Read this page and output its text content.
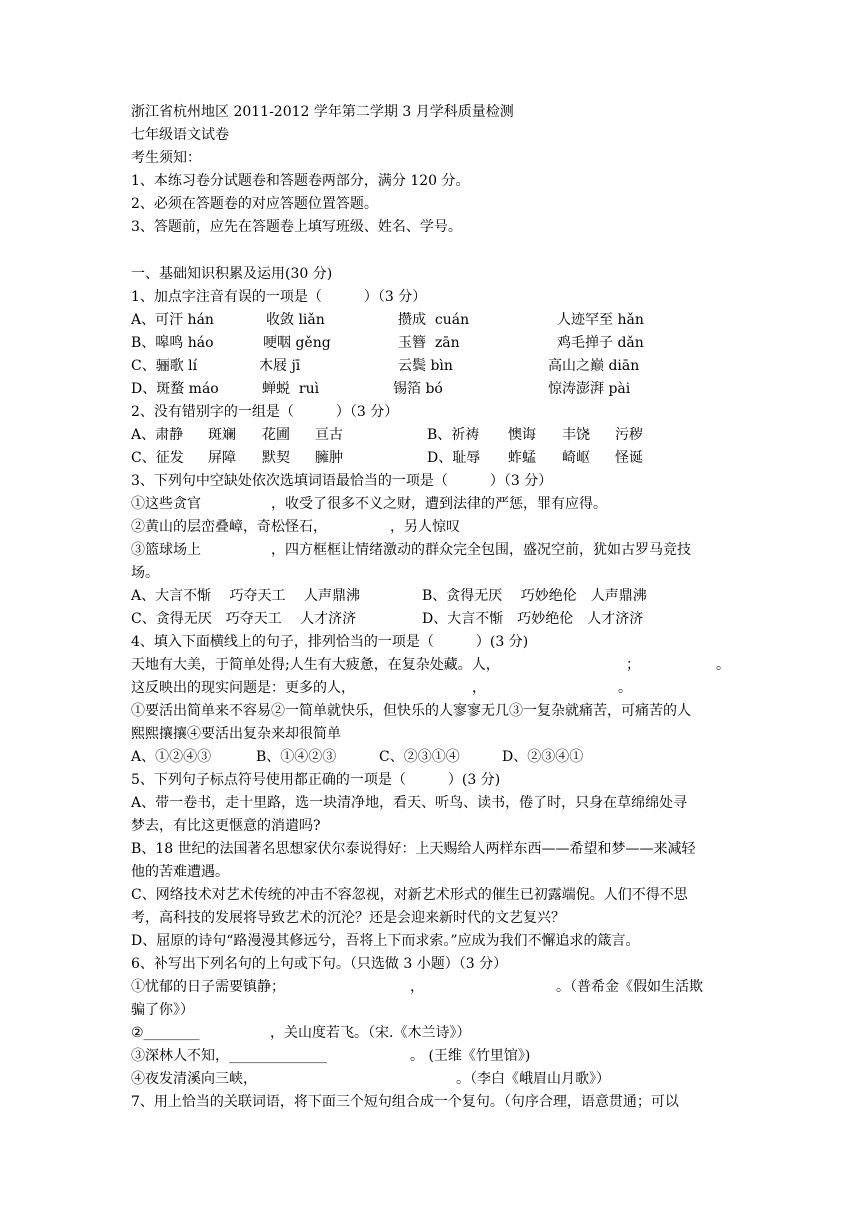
浙江省杭州地区 2011-2012 学年第二学期 3 月学科质量检测
七年级语文试卷
考生须知：
1、本练习卷分试题卷和答题卷两部分，满分 120 分。
2、必须在答题卷的对应答题位置答题。
3、答题前，应先在答题卷上填写班级、姓名、学号。
一、基础知识积累及运用(30 分)
1、加点字注音有误的一项是（　　　）（3 分）
A、可汗 hán	收敛 liǎn	攒成  cuán	人迹罕至 hǎn
B、嗥鸣 háo	哽咽 gěng	玉簪  zān	鸡毛掸子 dǎn
C、骊歌 lí	木屐 jī	云鬓 bìn	高山之巅 diān
D、斑蝥 máo	蝉蜕  ruì	锡箔 bó	惊涛澎湃 pài
2、没有错别字的一组是（　　　）（3 分）
A、肃静 斑斓 花圃 亘古	B、祈祷 懊诲 丰饶 污秽
C、征发 屏障 默契 臃肿	D、耻辱 蚱蜢 崎岖 怪诞
3、下列句中空缺处依次选填词语最恰当的一项是（　　　）（3 分）
①这些贪官　　　　　，收受了很多不义之财，遭到法律的严惩，罪有应得。
②黄山的层峦叠嶂，奇松怪石，　　　　　，另人惊叹
③篮球场上　　　　　，四方框框让情绪激动的群众完全包围，盛况空前，犹如古罗马竞技
场。
A、大言不惭　 巧夺天工　 人声鼎沸	B、贪得无厌　 巧妙绝伦　人声鼎沸
C、贪得无厌　巧夺天工　 人才济济	D、大言不惭　巧妙绝伦　人才济济
4、填入下面横线上的句子，排列恰当的一项是（　　　）(3 分)
天地有大美，于简单处得;人生有大疲惫，在复杂处藏。人，	；	。
这反映出的现实问题是：更多的人，	，	。
①要活出简单来不容易②一简单就快乐，但快乐的人寥寥无几③一复杂就痛苦，可痛苦的人
熙熙攘攘④要活出复杂来却很简单
A、①②④③	B、①④②③	C、②③①④	D、②③④①
5、下列句子标点符号使用都正确的一项是（　　　）(3 分)
A、带一卷书，走十里路，选一块清净地，看天、听鸟、读书，倦了时，只身在草绵绵处寻
梦去，有比这更惬意的消遣吗?
B、18 世纪的法国著名思想家伏尔泰说得好：上天赐给人两样东西——希望和梦——来减轻
他的苦难遭遇。
C、网络技术对艺术传统的冲击不容忽视，对新艺术形式的催生已初露端倪。人们不得不思
考，高科技的发展将导致艺术的沉沦？还是会迎来新时代的文艺复兴？
D、屈原的诗句“路漫漫其修远兮，吾将上下而求索。”应成为我们不懈追求的箴言。
6、补写出下列名句的上句或下句。（只选做 3 小题）（3 分）
①忧郁的日子需要镇静；	，	。（普希金《假如生活欺
骗了你》）
②________	，关山度若飞。（宋.《木兰诗》）
③深林人不知，______________	。 (王维《竹里馆》)
④夜发清溪向三峡，	。（李白《峨眉山月歌》）
7、用上恰当的关联词语，将下面三个短句组合成一个复句。（句序合理，语意贯通；可以
